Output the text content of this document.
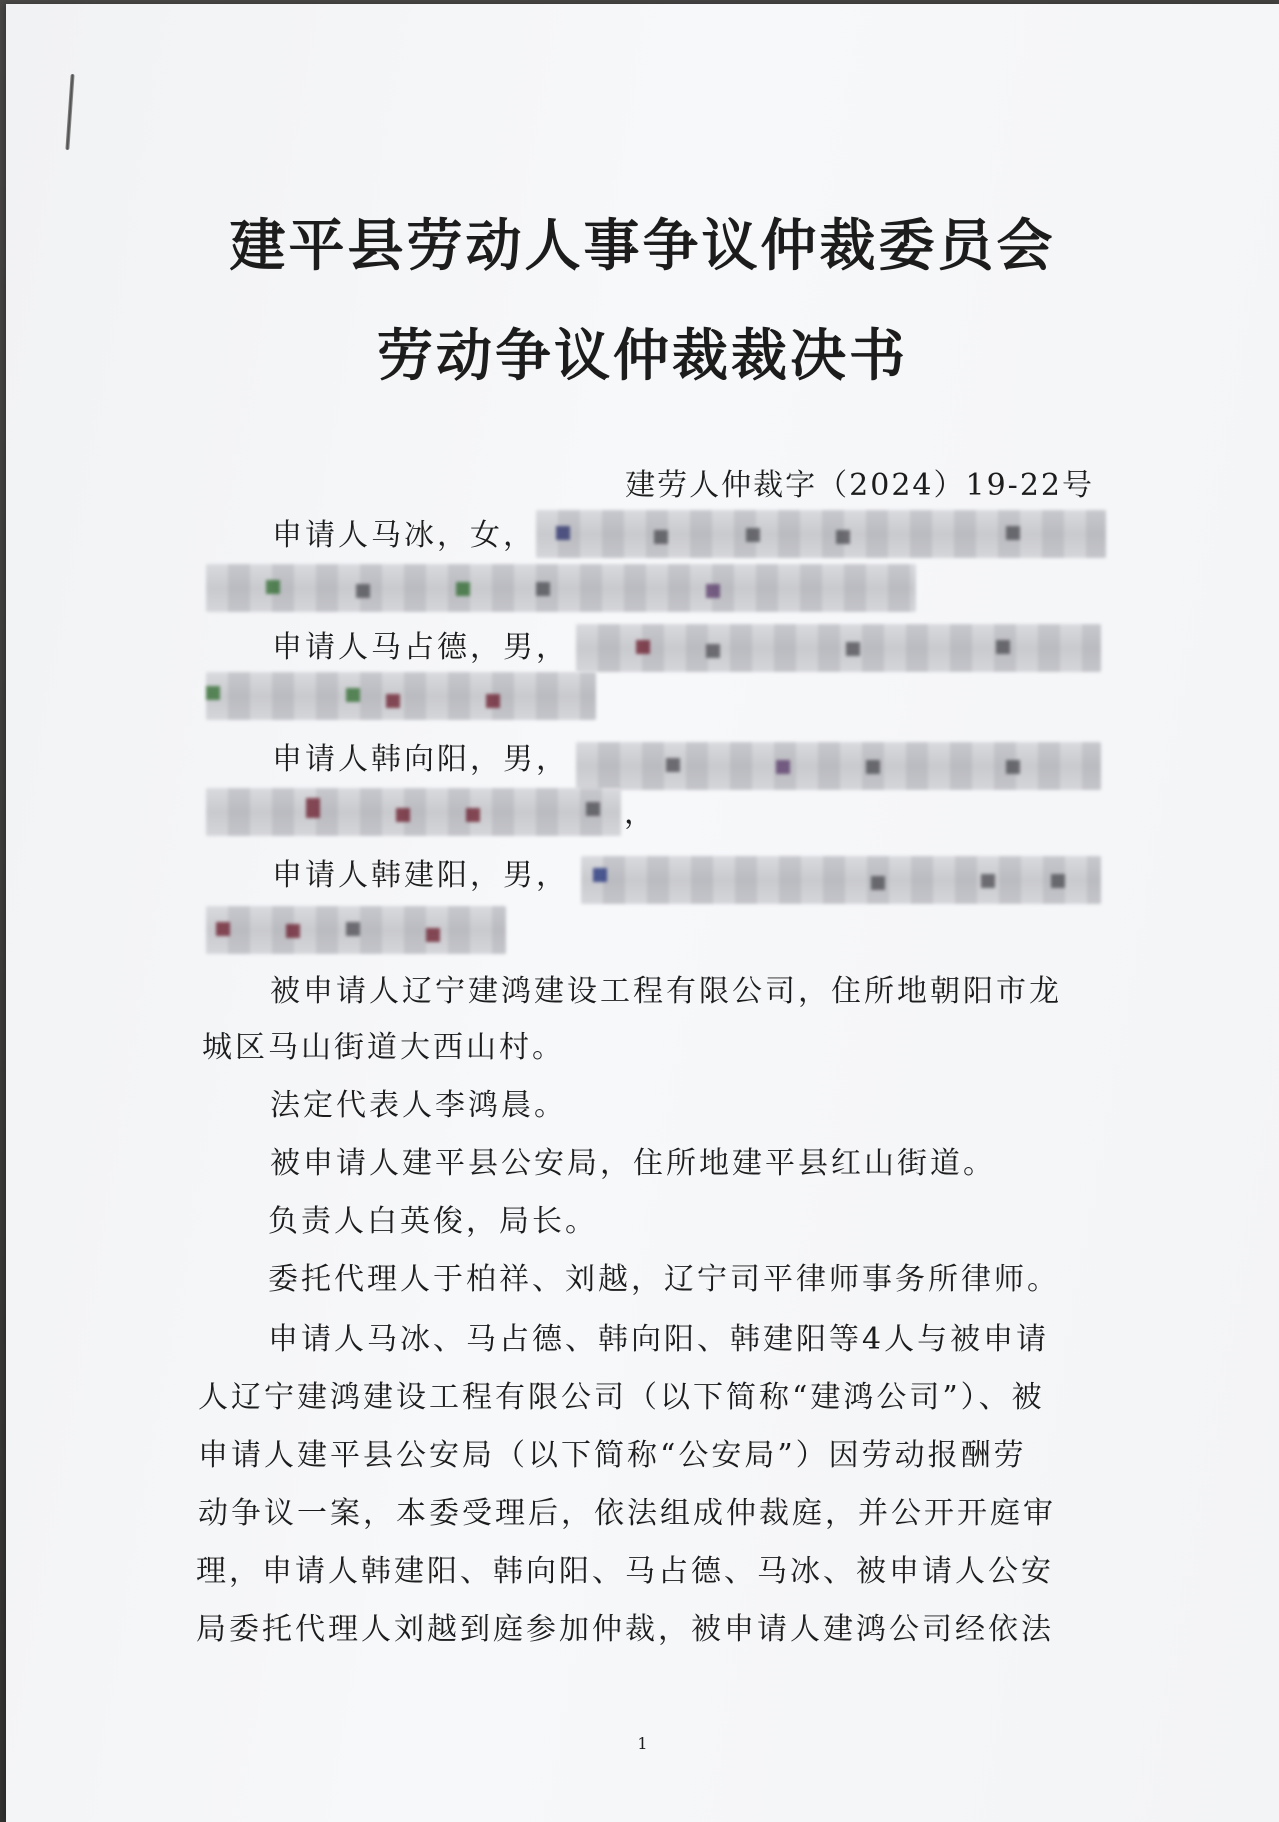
建平县劳动人事争议仲裁委员会
劳动争议仲裁裁决书
建劳人仲裁字（2024）19-22号
申请人马冰，女，
申请人马占德，男，
申请人韩向阳，男，
，
申请人韩建阳，男，
被申请人辽宁建鸿建设工程有限公司，住所地朝阳市龙
城区马山街道大西山村。
法定代表人李鸿晨。
被申请人建平县公安局，住所地建平县红山街道。
负责人白英俊，局长。
委托代理人于柏祥、刘越，辽宁司平律师事务所律师。
申请人马冰、马占德、韩向阳、韩建阳等4人与被申请
人辽宁建鸿建设工程有限公司（以下简称“建鸿公司”）、被
申请人建平县公安局（以下简称“公安局”）因劳动报酬劳
动争议一案，本委受理后，依法组成仲裁庭，并公开开庭审
理，申请人韩建阳、韩向阳、马占德、马冰、被申请人公安
局委托代理人刘越到庭参加仲裁，被申请人建鸿公司经依法
1
